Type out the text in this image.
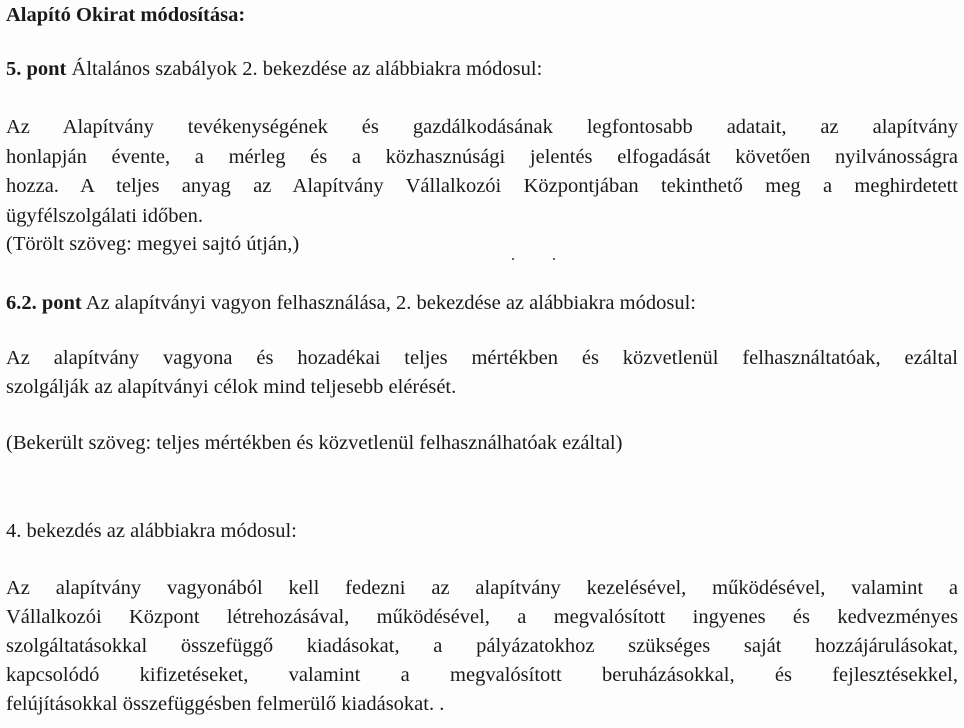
Alapító Okirat módosítása:

5. pont Általános szabályok 2. bekezdése az alábbiakra módosul:

Az Alapítvány tevékenységének és gazdálkodásának legfontosabb adatait, az alapítvány

honlapján évente, a mérleg és a közhasznúsági jelentés elfogadását követően nyilvánosságra

hozza. A teljes anyag az Alapítvány Vállalkozói Központjában tekinthető meg a meghirdetett

ügyfélszolgálati időben.

(Törölt szöveg: megyei sajtó útján,)

6.2. pont Az alapítványi vagyon felhasználása, 2. bekezdése az alábbiakra módosul:

Az alapítvány vagyona és hozadékai teljes mértékben és közvetlenül felhasználtatóak, ezáltal

szolgálják az alapítványi célok mind teljesebb elérését.

(Bekerült szöveg: teljes mértékben és közvetlenül felhasználhatóak ezáltal)

4. bekezdés az alábbiakra módosul:

Az alapítvány vagyonából kell fedezni az alapítvány kezelésével, működésével, valamint a

Vállalkozói Központ létrehozásával, működésével, a megvalósított ingyenes és kedvezményes

szolgáltatásokkal összefüggő kiadásokat, a pályázatokhoz szükséges saját hozzájárulásokat,

kapcsolódó kifizetéseket, valamint a megvalósított beruházásokkal, és fejlesztésekkel,

felújításokkal összefüggésben felmerülő kiadásokat. .
